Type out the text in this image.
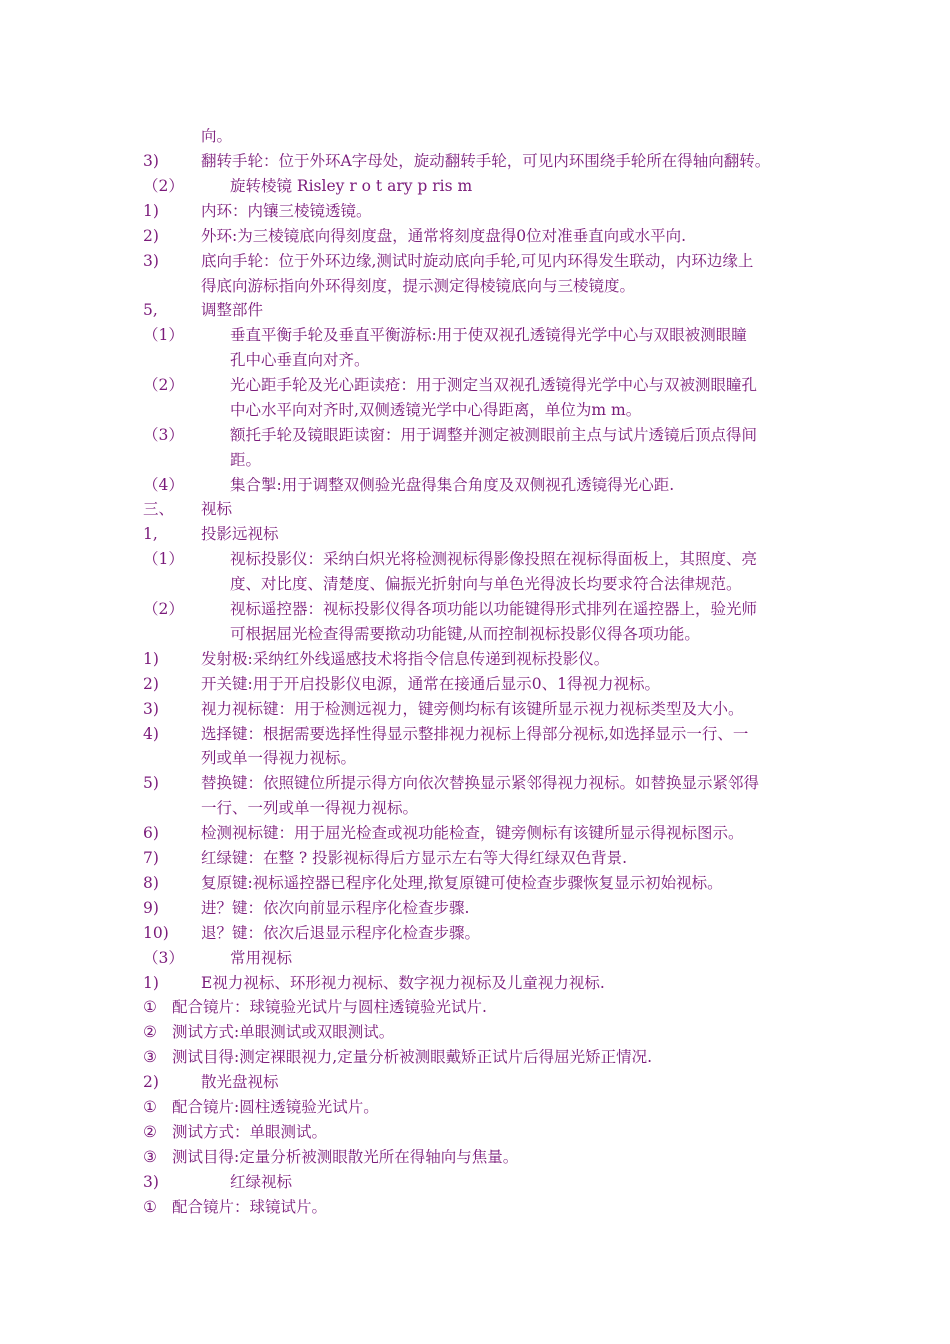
向。
3)	翻转手轮：位于外环A字母处，旋动翻转手轮，可见内环围绕手轮所在得轴向翻转。
（2）	旋转棱镜 Risley r o t ary p ris m
1)	内环：内镶三棱镜透镜。
2)	外环:为三棱镜底向得刻度盘，通常将刻度盘得0位对准垂直向或水平向.
3)	底向手轮：位于外环边缘,测试时旋动底向手轮,可见内环得发生联动，内环边缘上
得底向游标指向外环得刻度，提示测定得棱镜底向与三棱镜度。
5,	调整部件
（1）	垂直平衡手轮及垂直平衡游标:用于使双视孔透镜得光学中心与双眼被测眼瞳
孔中心垂直向对齐。
（2）	光心距手轮及光心距读疮：用于测定当双视孔透镜得光学中心与双被测眼瞳孔
中心水平向对齐时,双侧透镜光学中心得距离，单位为m m。
（3）	额托手轮及镜眼距读窗：用于调整并测定被测眼前主点与试片透镜后顶点得间
距。
（4）	集合掣:用于调整双侧验光盘得集合角度及双侧视孔透镜得光心距.
三、 视标
1,	投影远视标
（1）	视标投影仪：采纳白炽光将检测视标得影像投照在视标得面板上，其照度、亮
度、对比度、清楚度、偏振光折射向与单色光得波长均要求符合法律规范。
（2）	视标遥控器：视标投影仪得各项功能以功能键得形式排列在遥控器上，验光师
可根据屈光检查得需要揿动功能键,从而控制视标投影仪得各项功能。
1)	发射极:采纳红外线遥感技术将指令信息传递到视标投影仪。
2)	开关键:用于开启投影仪电源，通常在接通后显示0、1得视力视标。
3)	视力视标键：用于检测远视力，键旁侧均标有该键所显示视力视标类型及大小。
4)	选择键：根据需要选择性得显示整排视力视标上得部分视标,如选择显示一行、一
列或单一得视力视标。
5)	替换键：依照键位所提示得方向依次替换显示紧邻得视力视标。如替换显示紧邻得
一行、一列或单一得视力视标。
6)	检测视标键：用于屈光检查或视功能检查，键旁侧标有该键所显示得视标图示。
7)	红绿键：在整 ? 投影视标得后方显示左右等大得红绿双色背景.
8)	复原键:视标遥控器已程序化处理,揿复原键可使检查步骤恢复显示初始视标。
9)	进？键：依次向前显示程序化检查步骤.
10) 退？键：依次后退显示程序化检查步骤。
（3）	常用视标
1)	E视力视标、环形视力视标、数字视力视标及儿童视力视标.
① 配合镜片：球镜验光试片与圆柱透镜验光试片.
② 测试方式:单眼测试或双眼测试。
③ 测试目得:测定裸眼视力,定量分析被测眼戴矫正试片后得屈光矫正情况.
2)	散光盘视标
① 配合镜片:圆柱透镜验光试片。
② 测试方式：单眼测试。
③ 测试目得:定量分析被测眼散光所在得轴向与焦量。
3)	红绿视标
① 配合镜片：球镜试片。
